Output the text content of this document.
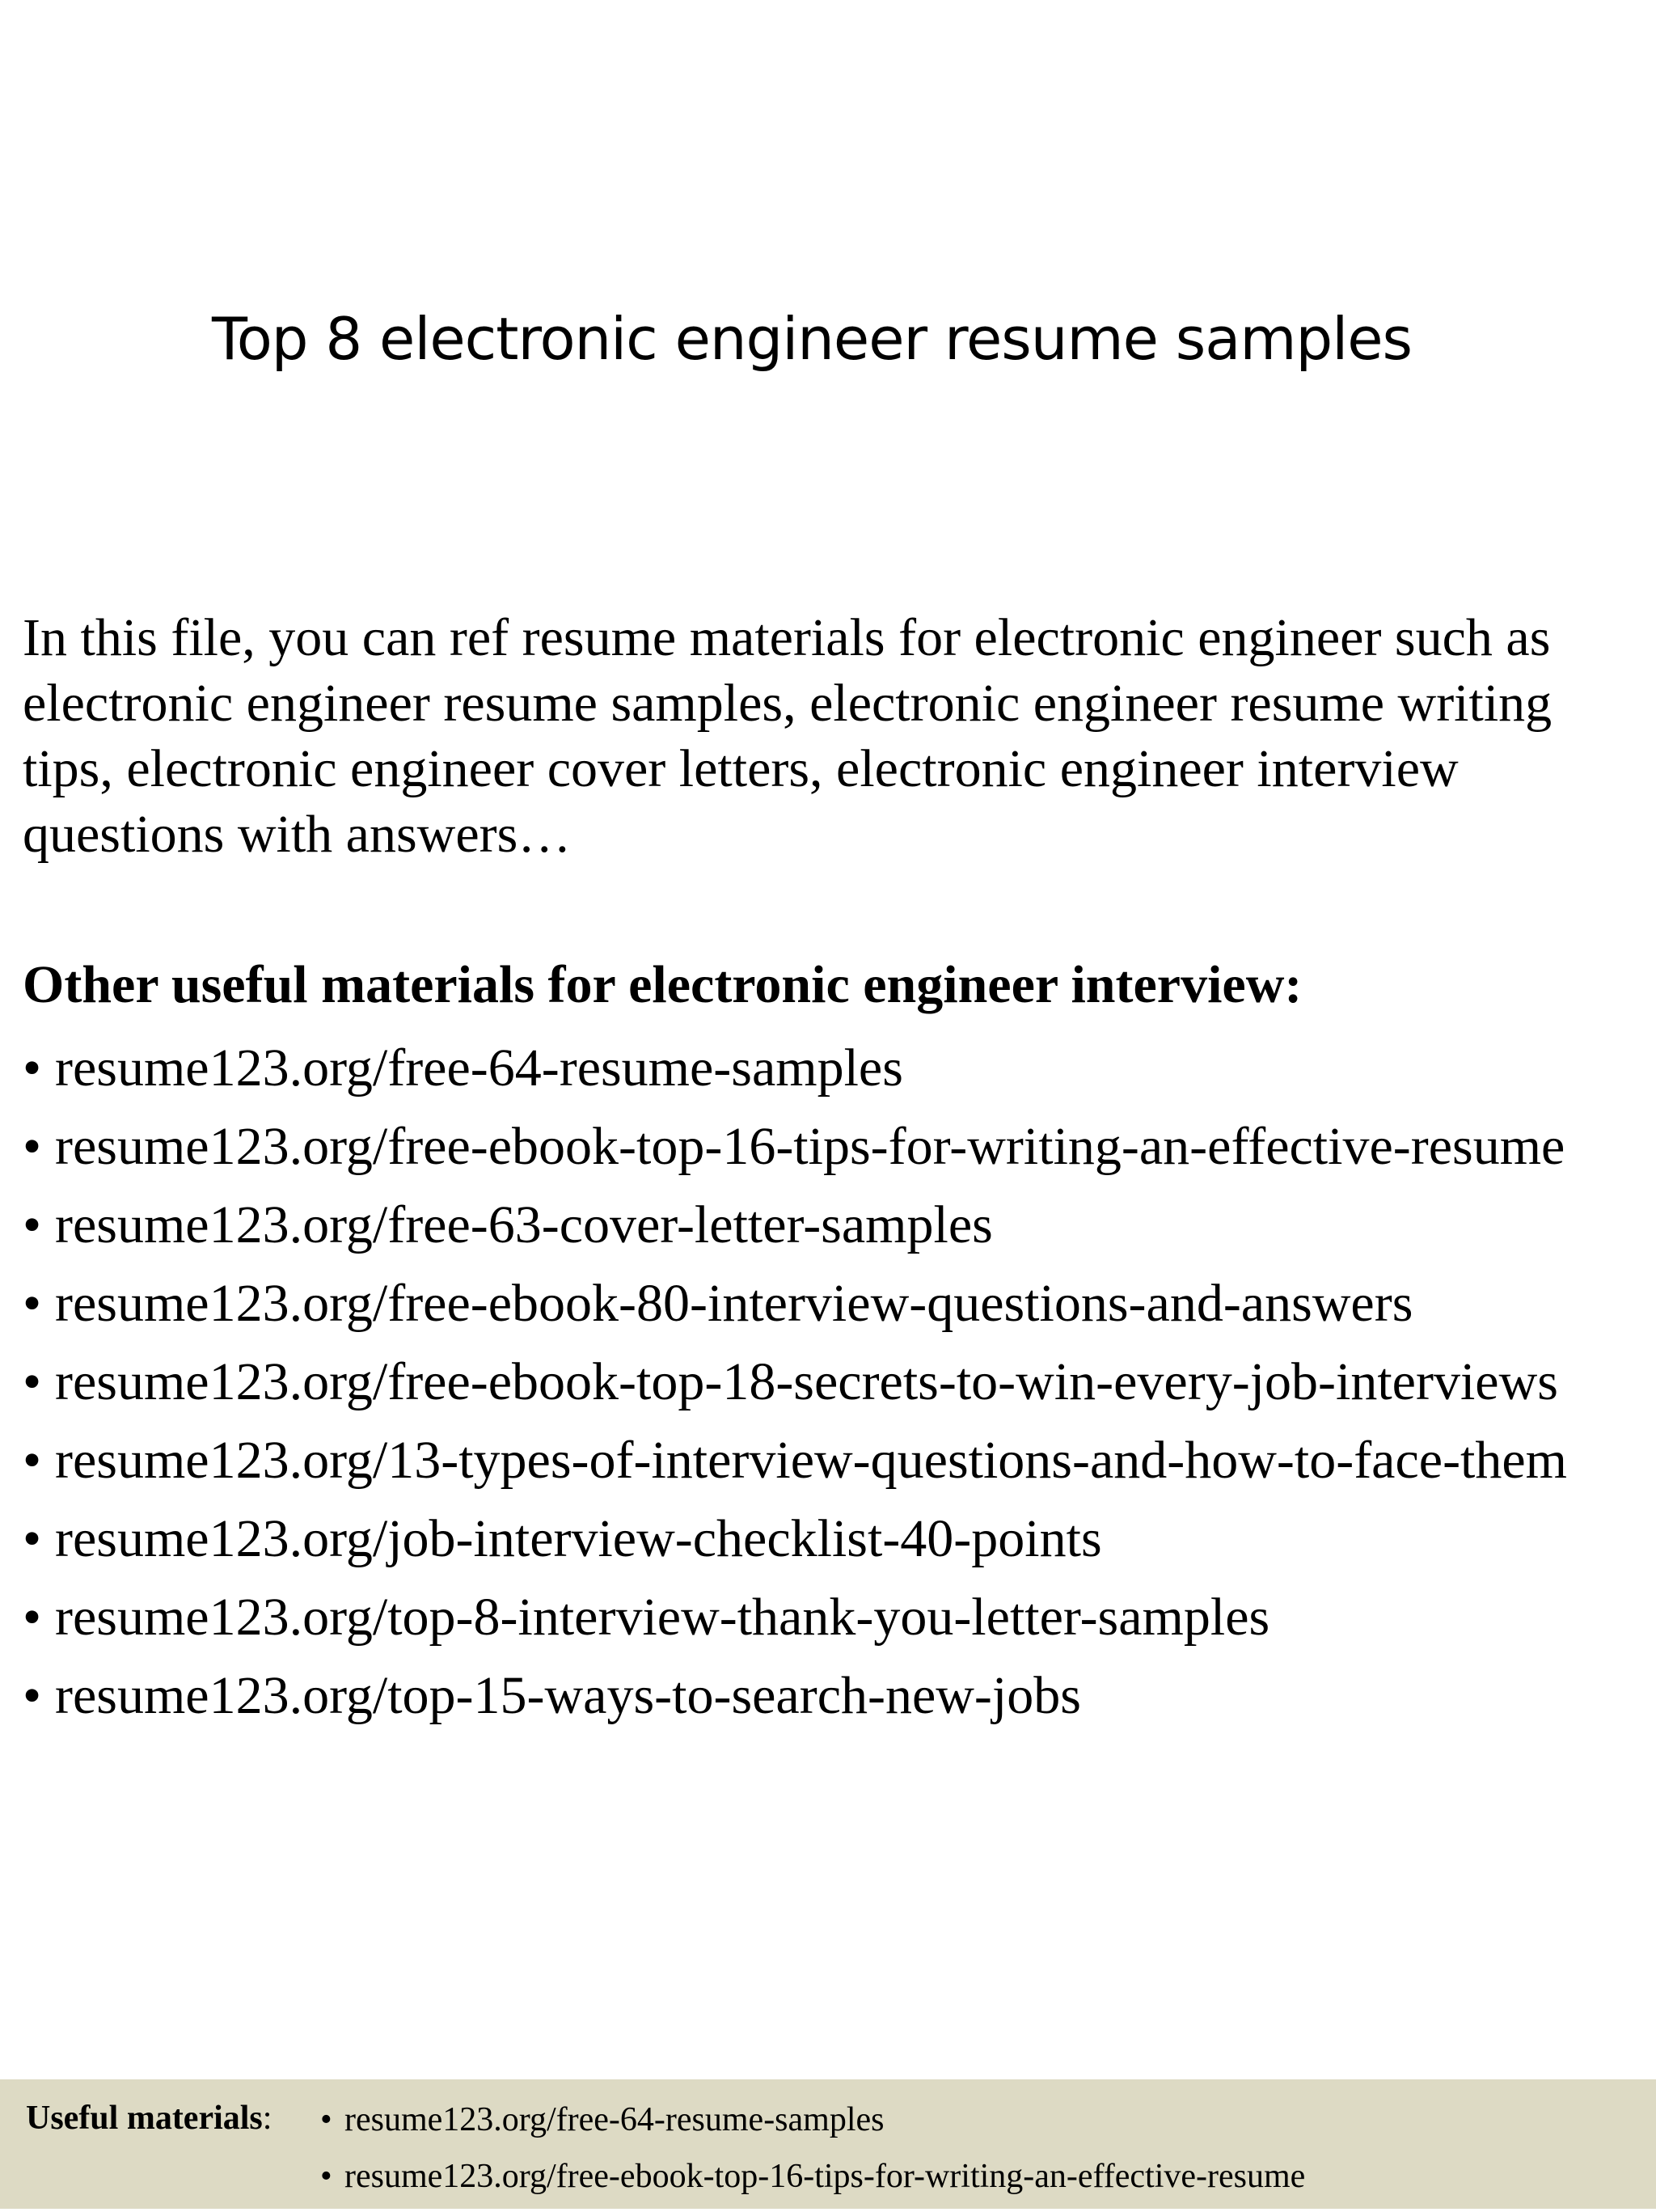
Top 8 electronic engineer resume samples

In this file, you can ref resume materials for electronic engineer such as
electronic engineer resume samples, electronic engineer resume writing
tips, electronic engineer cover letters, electronic engineer interview
questions with answers…

Other useful materials for electronic engineer interview:
• resume123.org/free-64-resume-samples
• resume123.org/free-ebook-top-16-tips-for-writing-an-effective-resume
• resume123.org/free-63-cover-letter-samples
• resume123.org/free-ebook-80-interview-questions-and-answers
• resume123.org/free-ebook-top-18-secrets-to-win-every-job-interviews
• resume123.org/13-types-of-interview-questions-and-how-to-face-them
• resume123.org/job-interview-checklist-40-points
• resume123.org/top-8-interview-thank-you-letter-samples
• resume123.org/top-15-ways-to-search-new-jobs
Useful materials: • resume123.org/free-64-resume-samples
• resume123.org/free-ebook-top-16-tips-for-writing-an-effective-resume
